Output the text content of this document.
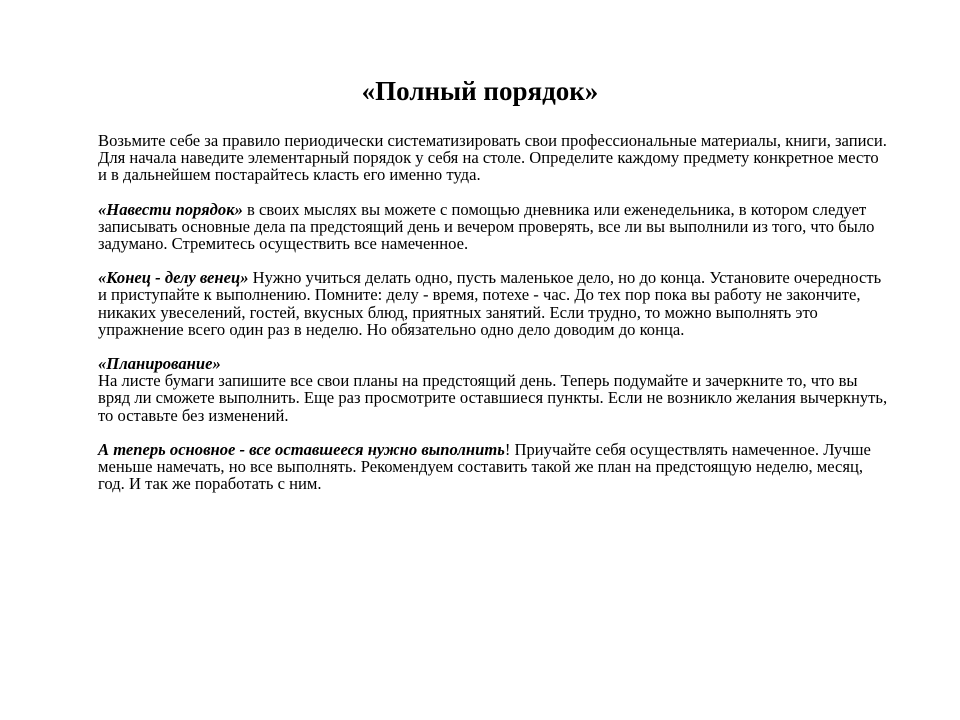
«Полный порядок»

Возьмите себе за правило периодически систематизировать свои профессиональные материалы, книги, записи. Для начала наведите элементарный порядок у себя на столе. Определите каждому предмету конкретное место и в дальнейшем постарайтесь класть его именно туда.

«Навести порядок» в своих мыслях вы можете с помощью дневника или еженедельника, в котором следует записывать основные дела па предстоящий день и вечером проверять, все ли вы выполнили из того, что было задумано. Стремитесь осуществить все намеченное.

«Конец - делу венец» Нужно учиться делать одно, пусть маленькое дело, но до конца. Установите очередность и приступайте к выполнению. Помните: делу - время, потехе - час. До тех пор пока вы работу не закончите, никаких увеселений, гостей, вкусных блюд, приятных занятий. Если трудно, то можно выполнять это упражнение всего один раз в неделю. Но обязательно одно дело доводим до конца.

«Планирование»
На листе бумаги запишите все свои планы на предстоящий день. Теперь подумайте и зачеркните то, что вы вряд ли сможете выполнить. Еще раз просмотрите оставшиеся пункты. Если не возникло желания вычеркнуть, то оставьте без изменений.

А теперь основное - все оставшееся нужно выполнить! Приучайте себя осуществлять намеченное. Лучше меньше намечать, но все выполнять. Рекомендуем составить такой же план на предстоящую неделю, месяц, год. И так же поработать с ним.
